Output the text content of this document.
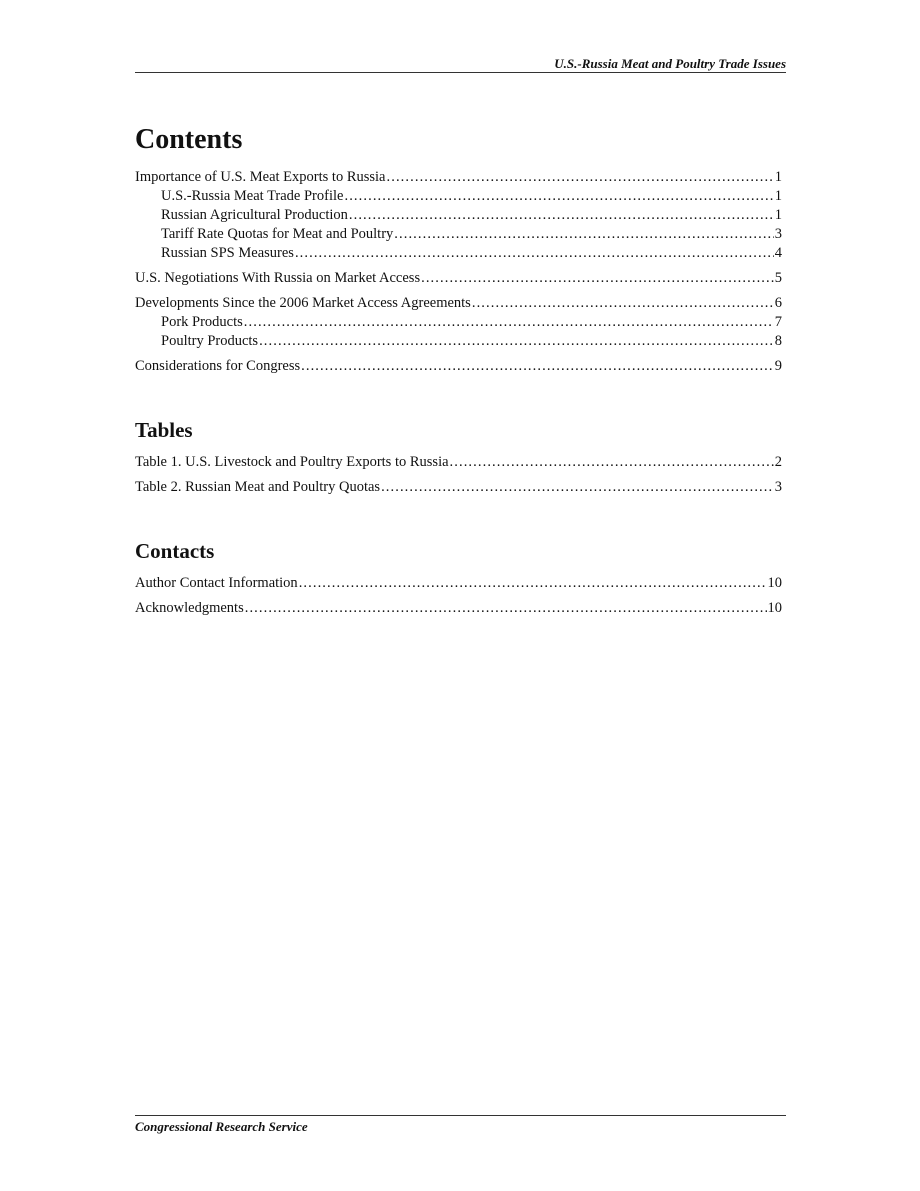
U.S.-Russia Meat and Poultry Trade Issues
Contents
Importance of U.S. Meat Exports to Russia .....	1
U.S.-Russia Meat Trade Profile .....	1
Russian Agricultural Production .....	1
Tariff Rate Quotas for Meat and Poultry .....	3
Russian SPS Measures .....	4
U.S. Negotiations With Russia on Market Access .....	5
Developments Since the 2006 Market Access Agreements .....	6
Pork Products .....	7
Poultry Products .....	8
Considerations for Congress .....	9
Tables
Table 1. U.S. Livestock and Poultry Exports to Russia .....	2
Table 2. Russian Meat and Poultry Quotas .....	3
Contacts
Author Contact Information .....	10
Acknowledgments .....	10
Congressional Research Service
